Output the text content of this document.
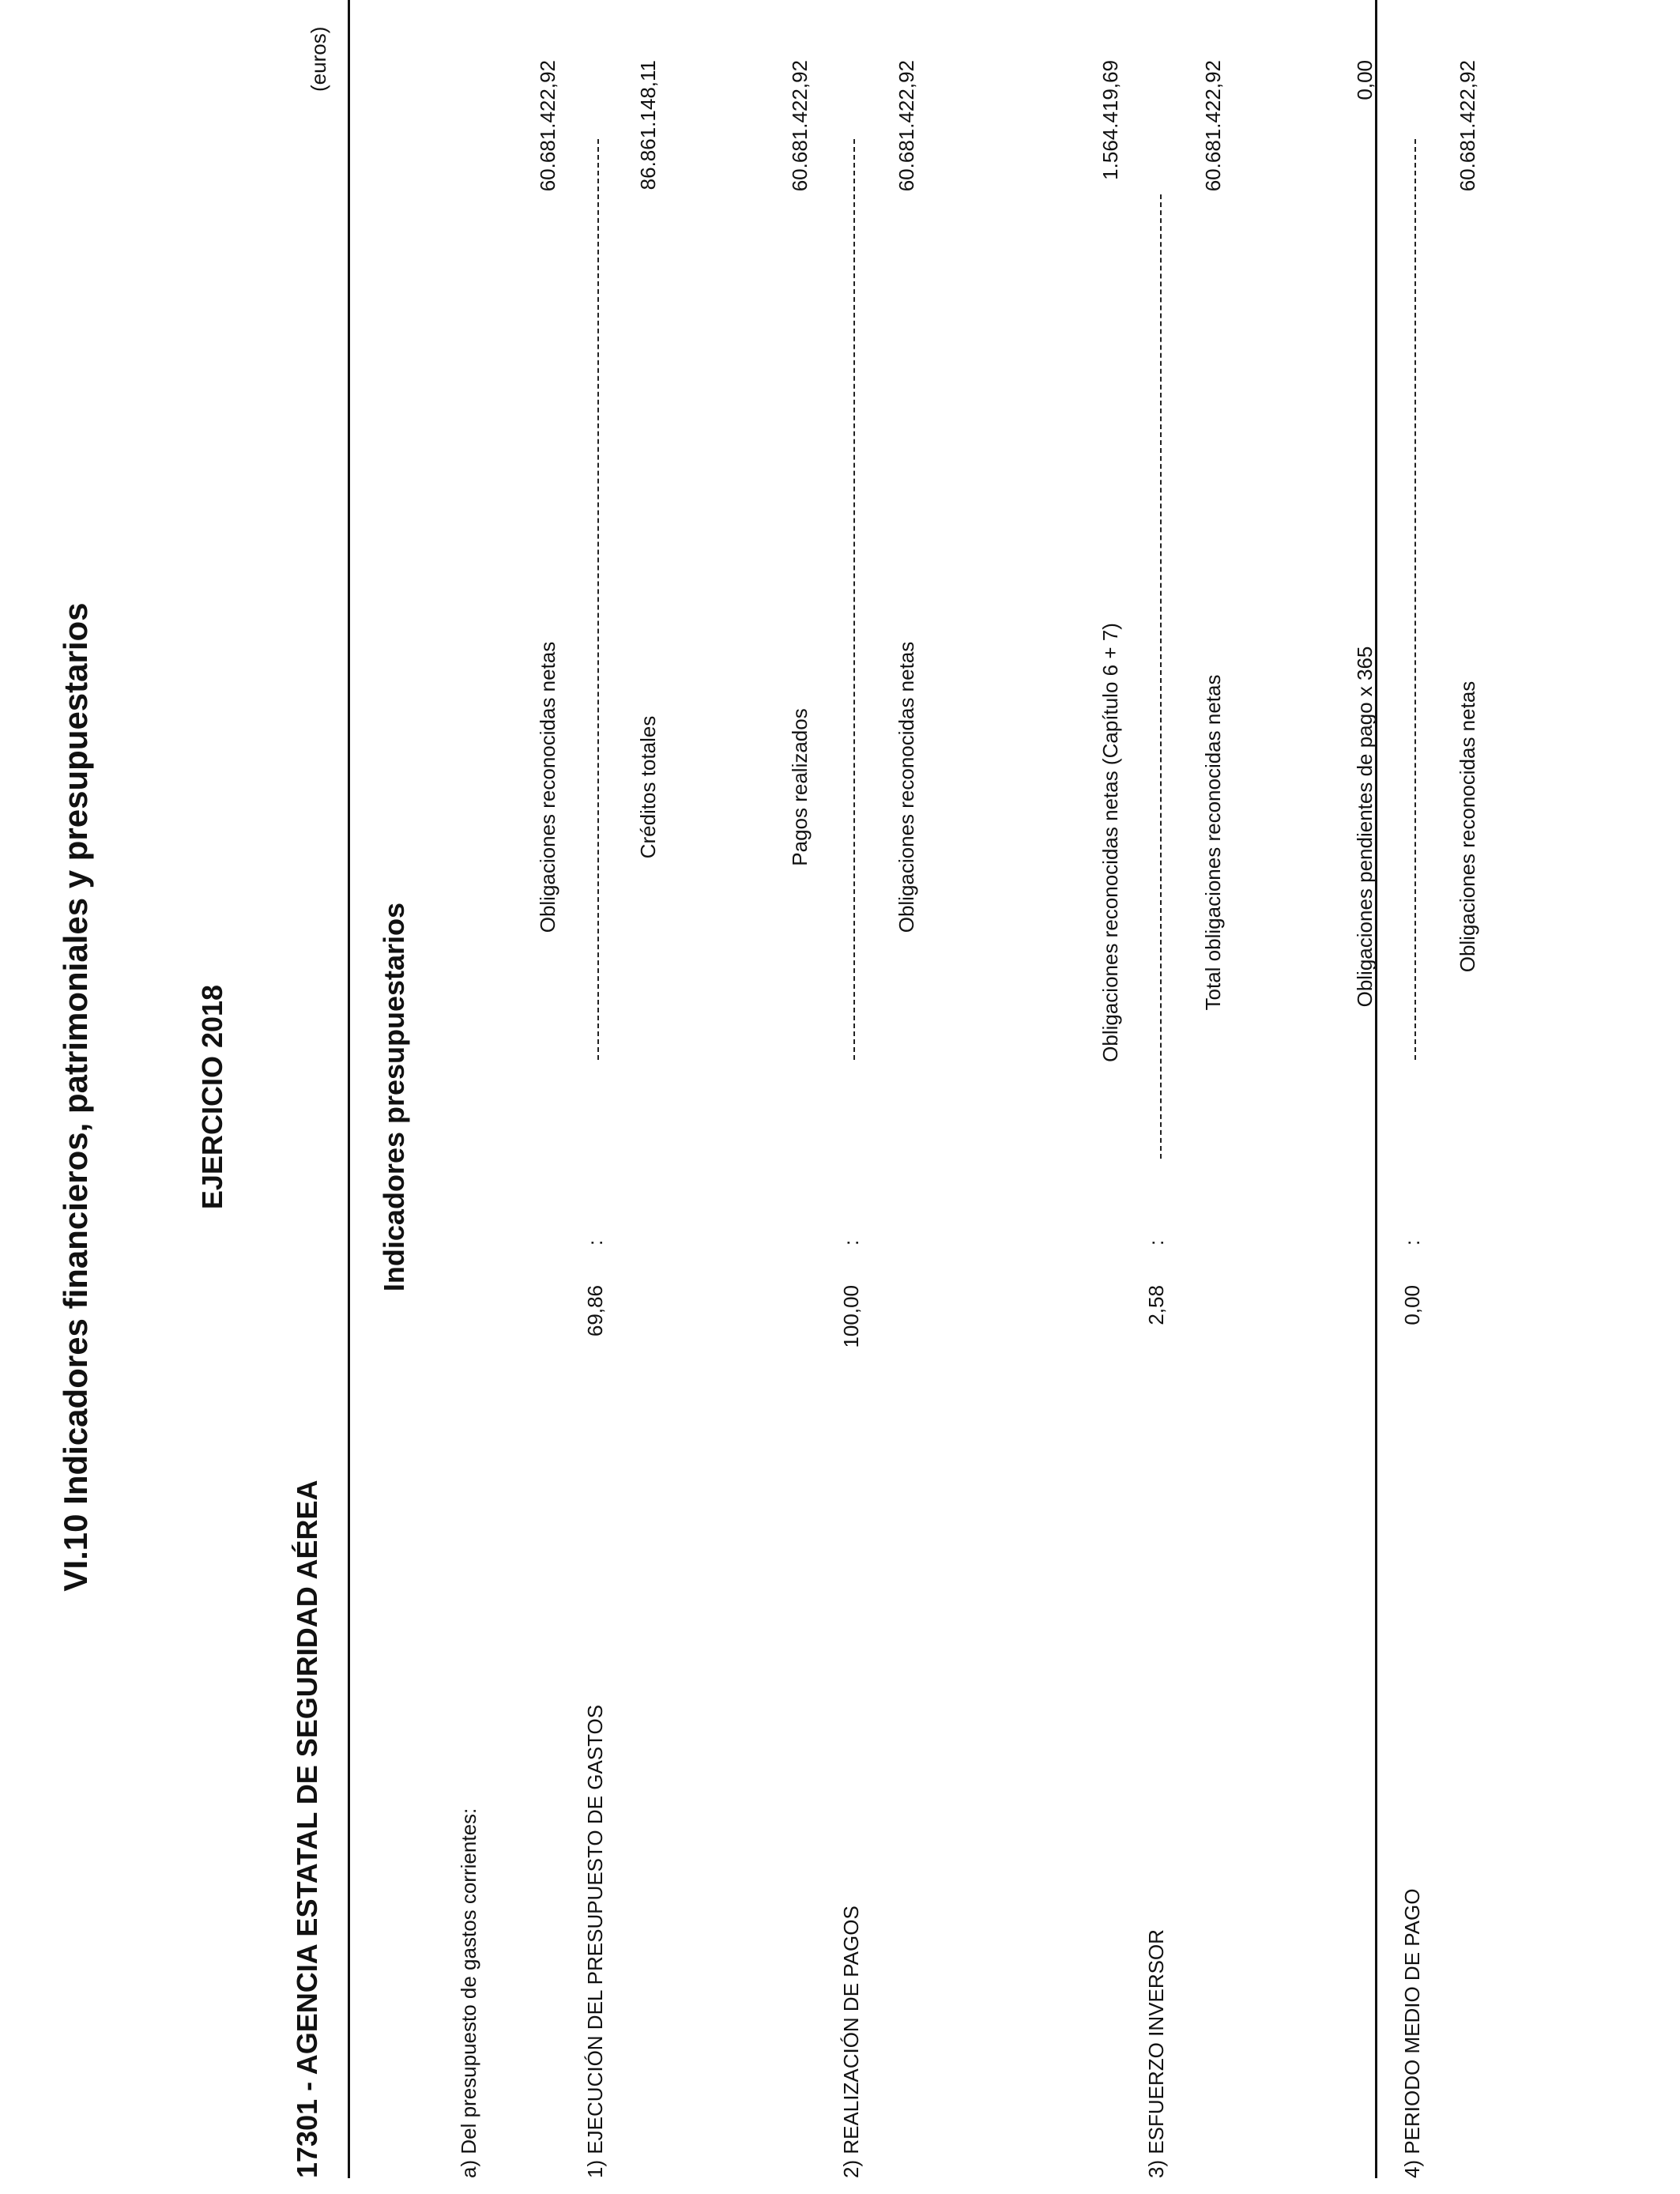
VI.10 Indicadores financieros, patrimoniales y presupuestarios	EJERCICIO 2018
17301 - AGENCIA ESTATAL DE SEGURIDAD AÉREA
(euros)
Indicadores presupuestarios
a) Del presupuesto de gastos corrientes:	1) EJECUCIÓN DEL PRESUPUESTO DE GASTOS
69,86
:
Obligaciones reconocidas netas	Créditos totales
60.681.422,92	86.861.148,11
2) REALIZACIÓN DE PAGOS
100,00
:
Pagos realizados	Obligaciones reconocidas netas
60.681.422,92	60.681.422,92
3) ESFUERZO INVERSOR
2,58
:
Obligaciones reconocidas netas (Capítulo 6 + 7)	Total obligaciones reconocidas netas
1.564.419,69	60.681.422,92
4) PERIODO MEDIO DE PAGO
0,00
:
Obligaciones pendientes de pago x 365	Obligaciones reconocidas netas
0,00	60.681.422,92
